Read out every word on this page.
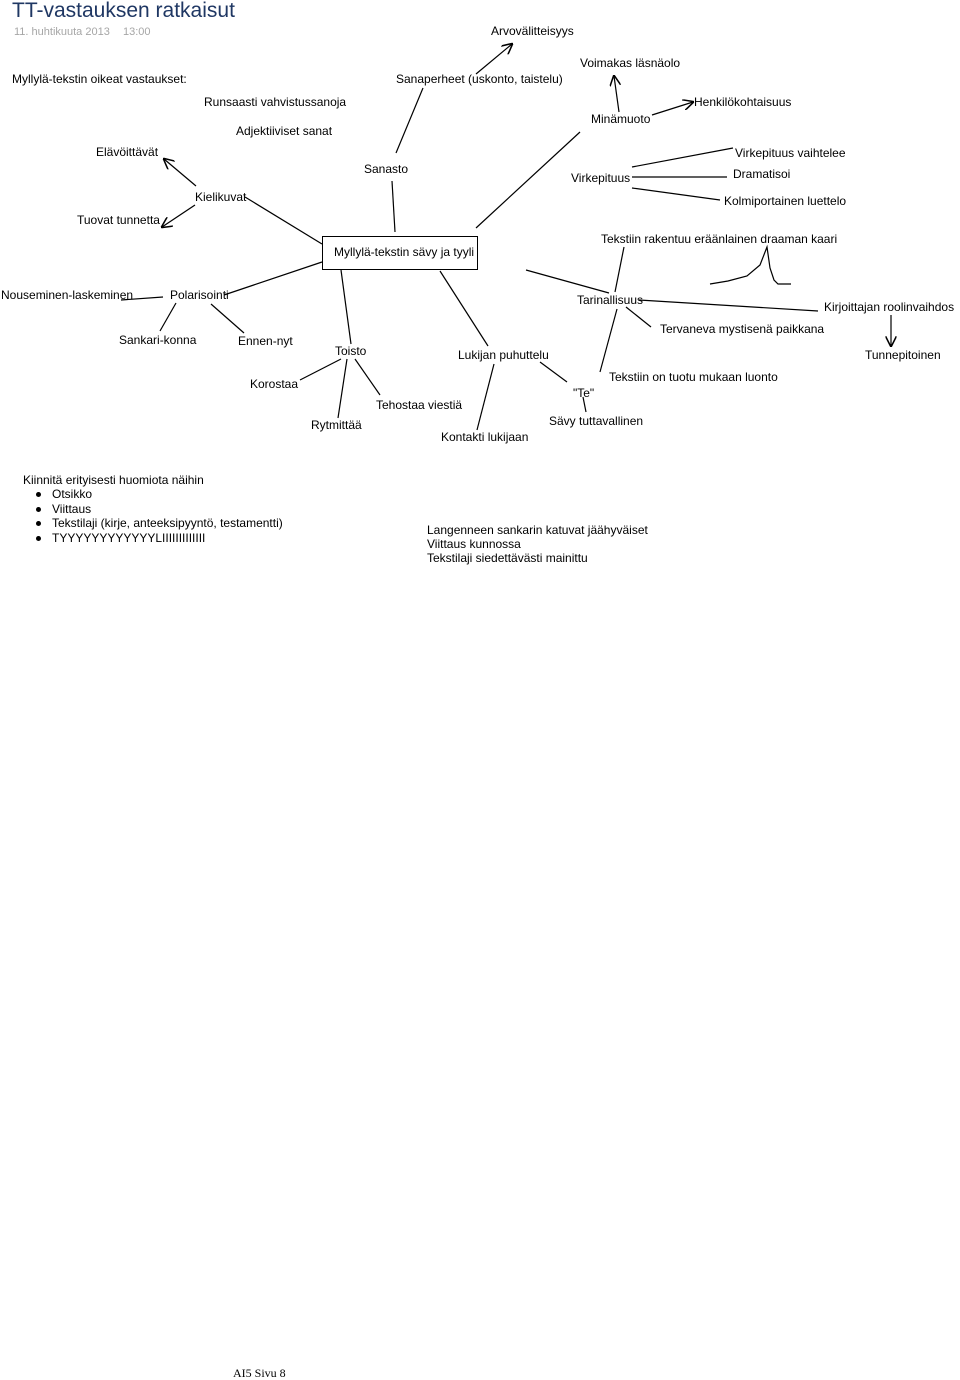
TT-vastauksen ratkaisut
11. huhtikuuta 2013 13:00
Myllylä-tekstin oikeat vastaukset:
Myllylä-tekstin sävy ja tyyli
Arvovälitteisyys
Sanaperheet (uskonto, taistelu)
Voimakas läsnäolo
Runsaasti vahvistussanoja	Henkilökohtaisuus
Minämuoto
Adjektiiviset sanat
Elävöittävät	Virkepituus vaihtelee
Sanasto
Virkepituus	Dramatisoi
Kielikuvat	Kolmiportainen luettelo
Tuovat tunnetta
Tekstiin rakentuu eräänlainen draaman kaari
Nouseminen-laskeminen	Polarisointi	Tarinallisuus	Kirjoittajan roolinvaihdos
Sankari-konna	Ennen-nyt
Tervaneva mystisenä paikkana
Toisto	Lukijan puhuttelu	Tunnepitoinen
Korostaa	Tekstiin on tuotu mukaan luonto
"Te"
Tehostaa viestiä
Sävy tuttavallinen
Rytmittää
Kontakti lukijaan
Kiinnitä erityisesti huomiota näihin
Otsikko
Viittaus
Tekstilaji (kirje, anteeksipyyntö, testamentti)
TYYYYYYYYYYYYLIIIIIIIIIIIII
Langenneen sankarin katuvat jäähyväiset
Viittaus kunnossa
Tekstilaji siedettävästi mainittu
AI5 Sivu 8
